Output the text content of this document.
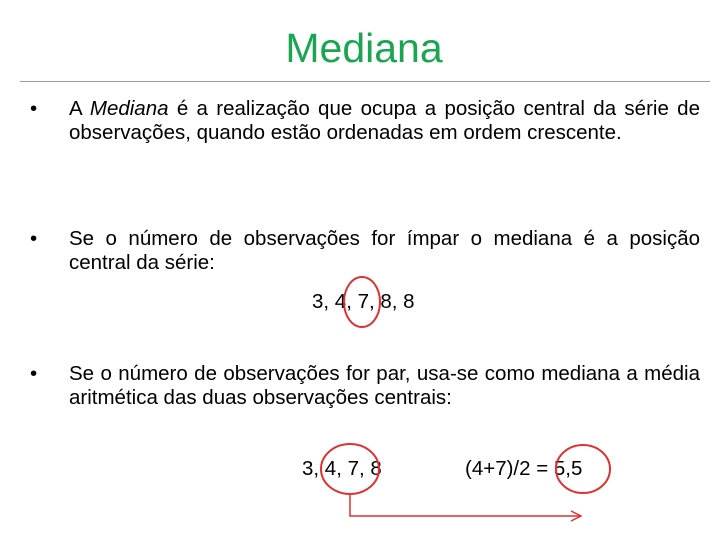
Mediana
•	A Mediana é a realização que ocupa a posição central da série de observações, quando estão ordenadas em ordem crescente.
•	Se o número de observações for ímpar o mediana é a posição central da série:
3, 4, 7, 8, 8
•	Se o número de observações for par, usa-se como mediana a média aritmética das duas observações centrais:
3, 4, 7, 8	(4+7)/2 = 5,5
